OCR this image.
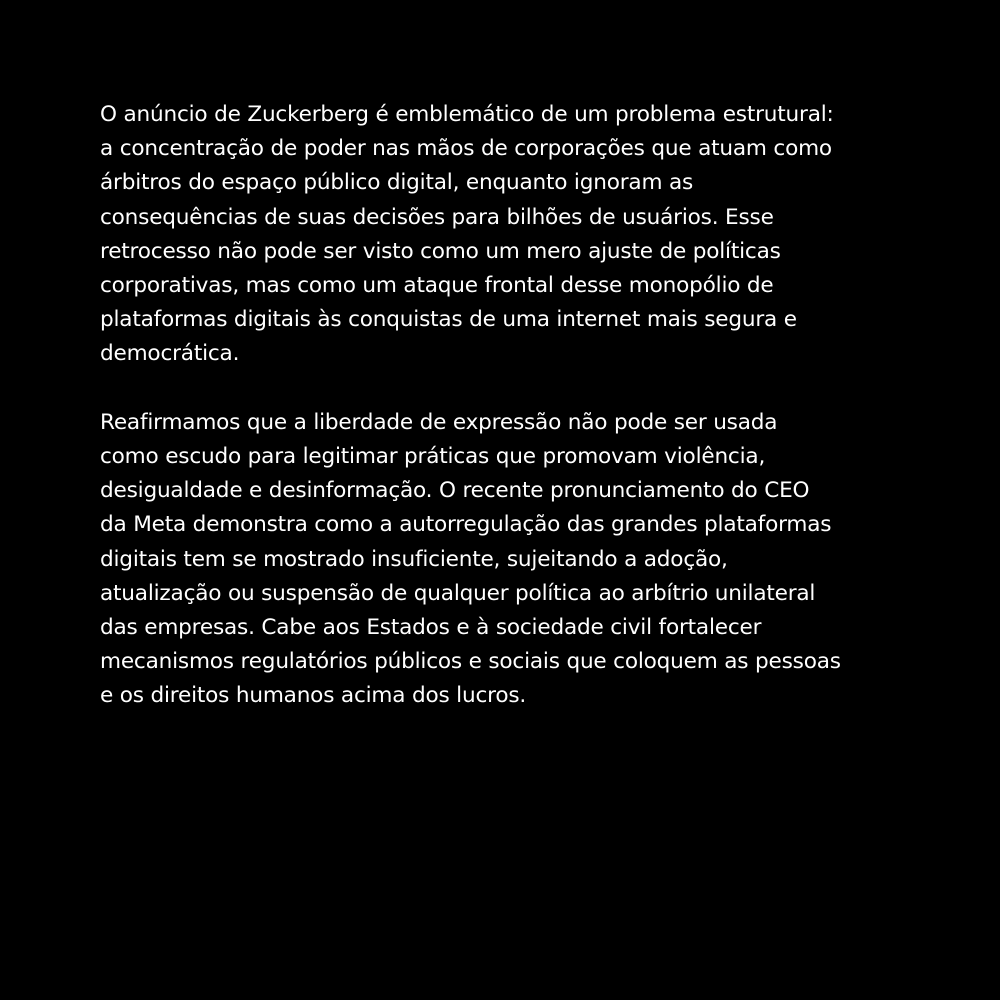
O anúncio de Zuckerberg é emblemático de um problema estrutural:
a concentração de poder nas mãos de corporações que atuam como
árbitros do espaço público digital, enquanto ignoram as
consequências de suas decisões para bilhões de usuários. Esse
retrocesso não pode ser visto como um mero ajuste de políticas
corporativas, mas como um ataque frontal desse monopólio de
plataformas digitais às conquistas de uma internet mais segura e
democrática.

Reafirmamos que a liberdade de expressão não pode ser usada
como escudo para legitimar práticas que promovam violência,
desigualdade e desinformação. O recente pronunciamento do CEO
da Meta demonstra como a autorregulação das grandes plataformas
digitais tem se mostrado insuficiente, sujeitando a adoção,
atualização ou suspensão de qualquer política ao arbítrio unilateral
das empresas. Cabe aos Estados e à sociedade civil fortalecer
mecanismos regulatórios públicos e sociais que coloquem as pessoas
e os direitos humanos acima dos lucros.
